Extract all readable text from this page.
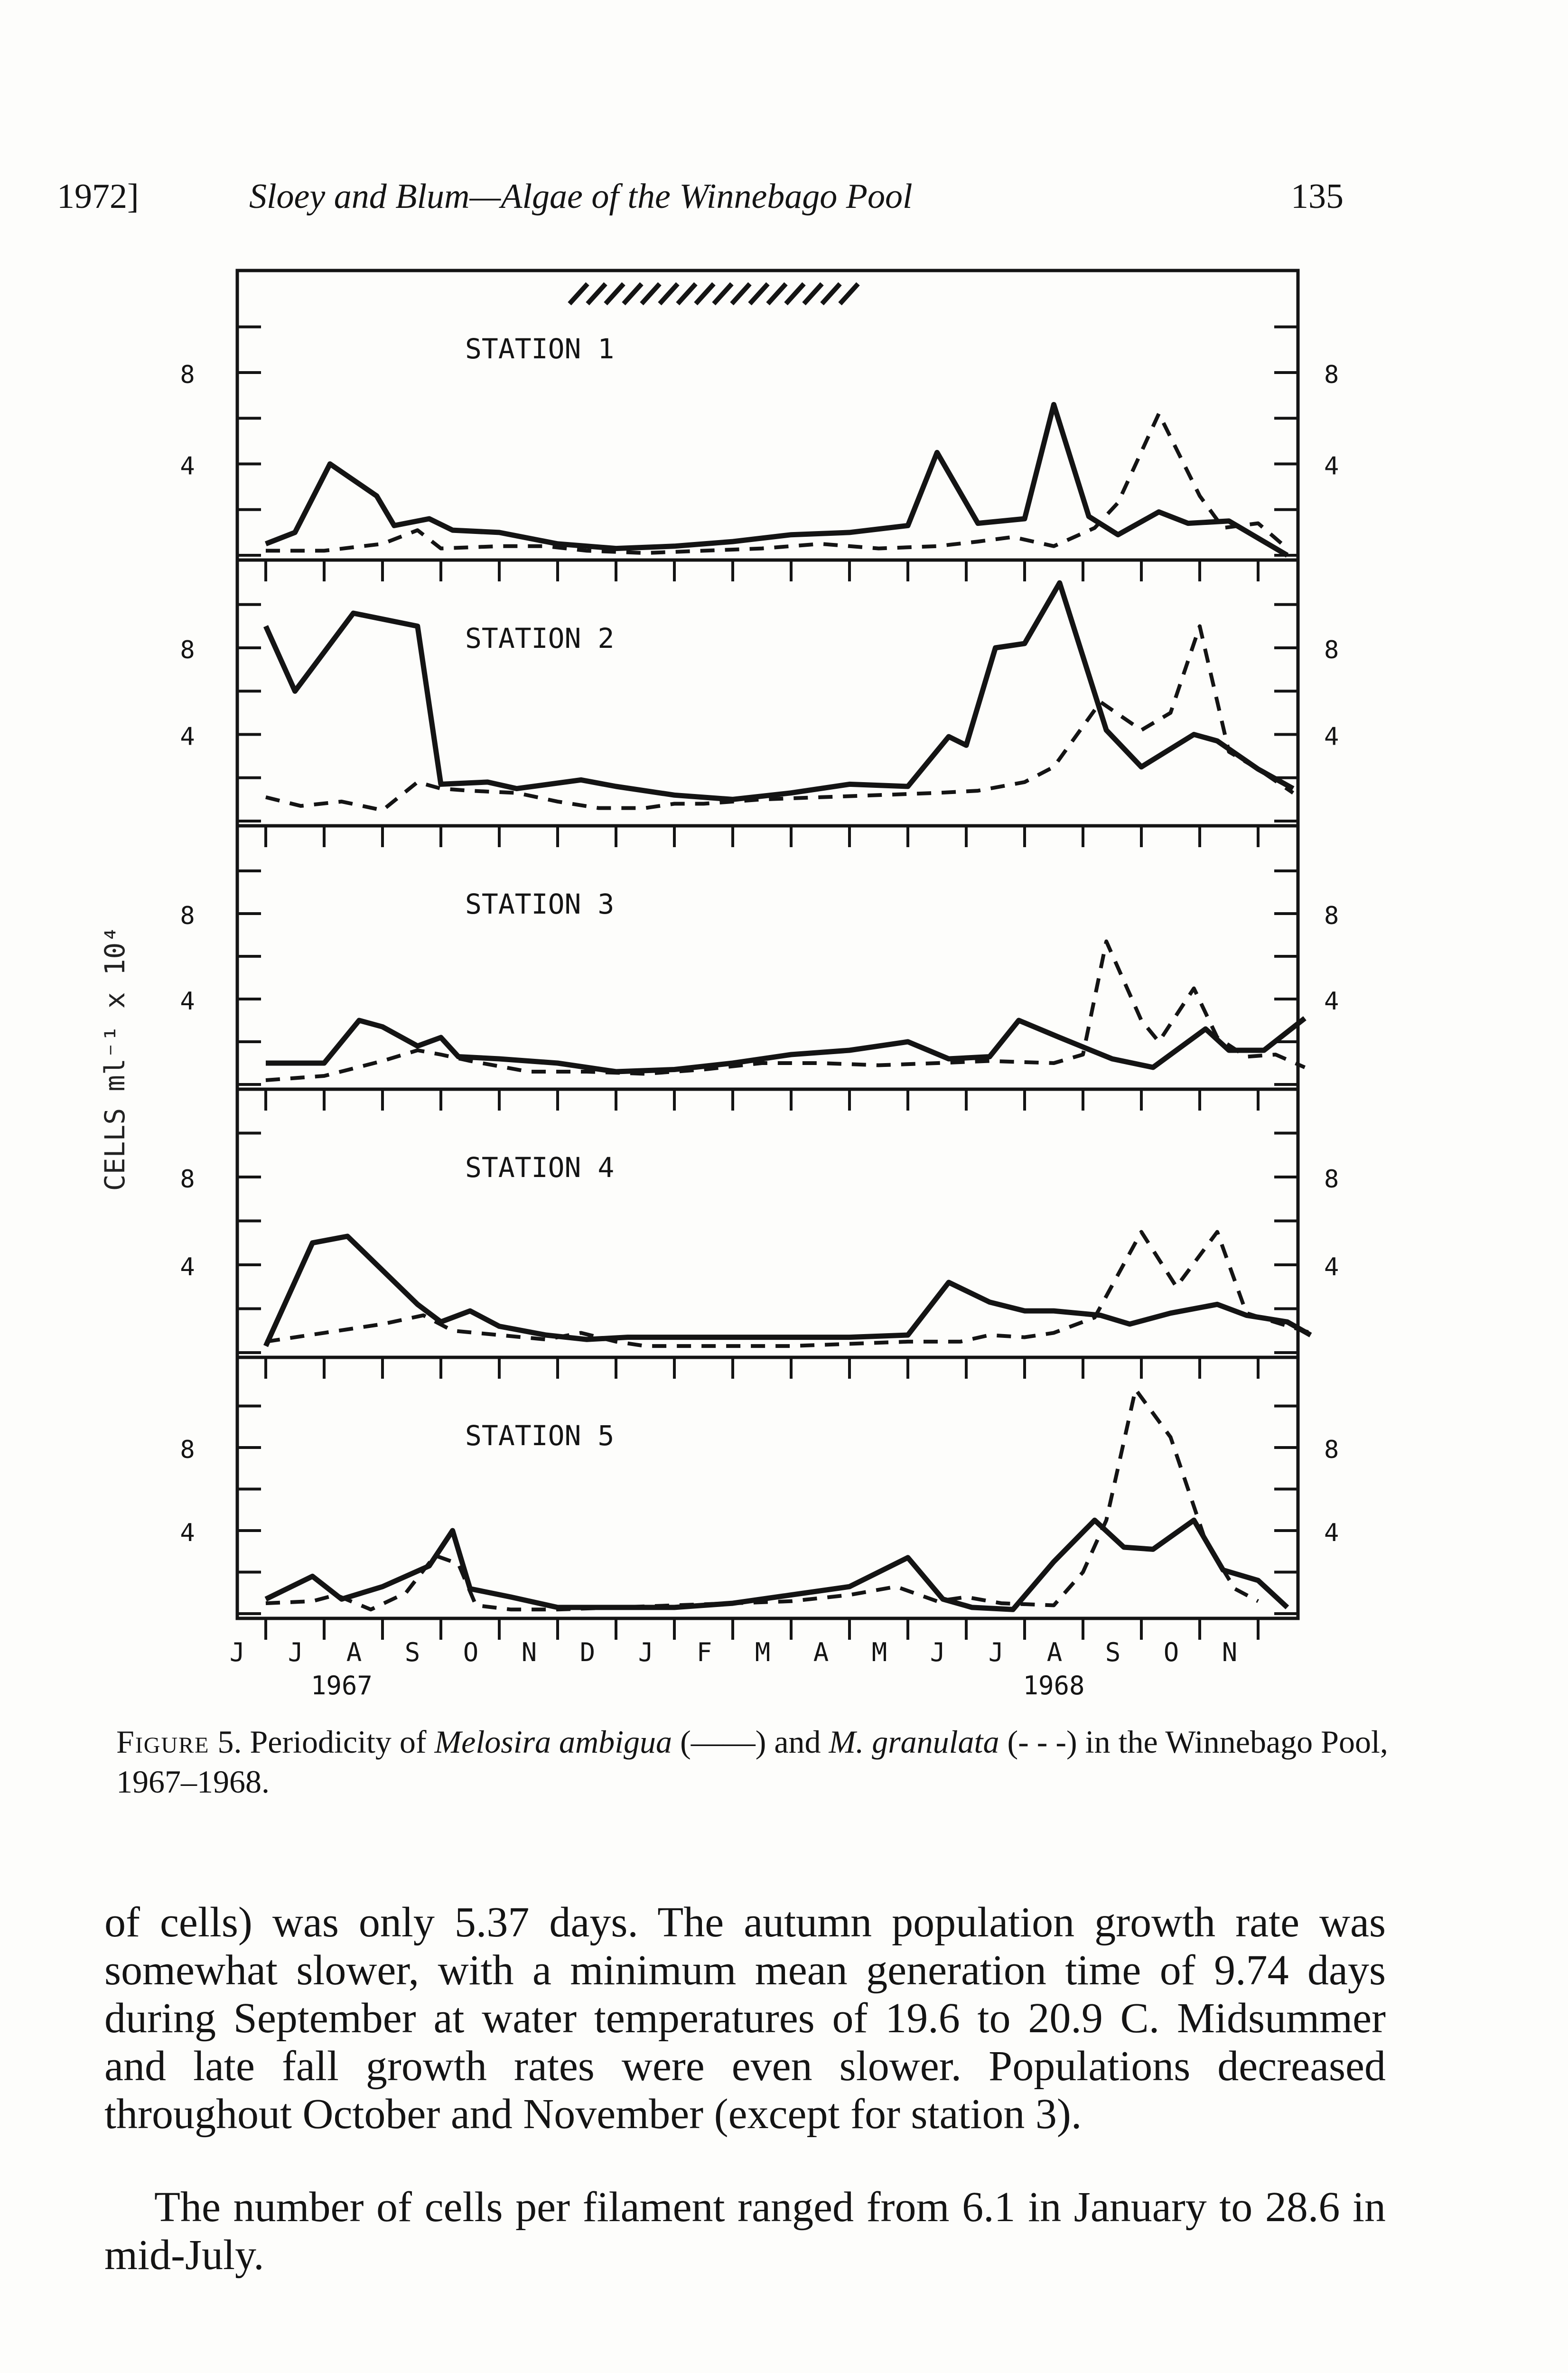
1972]	Sloey and Blum—Algae of the Winnebago Pool	135
8
4
8
4
STATION 1
8
4
8
4
STATION 2
8
4
8
4
STATION 3
8
4
8
4
STATION 4
8
4
8
4
STATION 5
J J A S O N D J F M A M J J A S O N
1967	1968
CELLS ml⁻¹ x 10⁴
Figure 5. Periodicity of Melosira ambigua (——) and M. granulata (- - -) in the Winnebago Pool, 1967–1968.
of cells) was only 5.37 days. The autumn population growth rate was somewhat slower, with a minimum mean generation time of 9.74 days during September at water temperatures of 19.6 to 20.9 C. Midsummer and late fall growth rates were even slower. Populations decreased throughout October and November (except for station 3).
The number of cells per filament ranged from 6.1 in January to 28.6 in mid-July.
